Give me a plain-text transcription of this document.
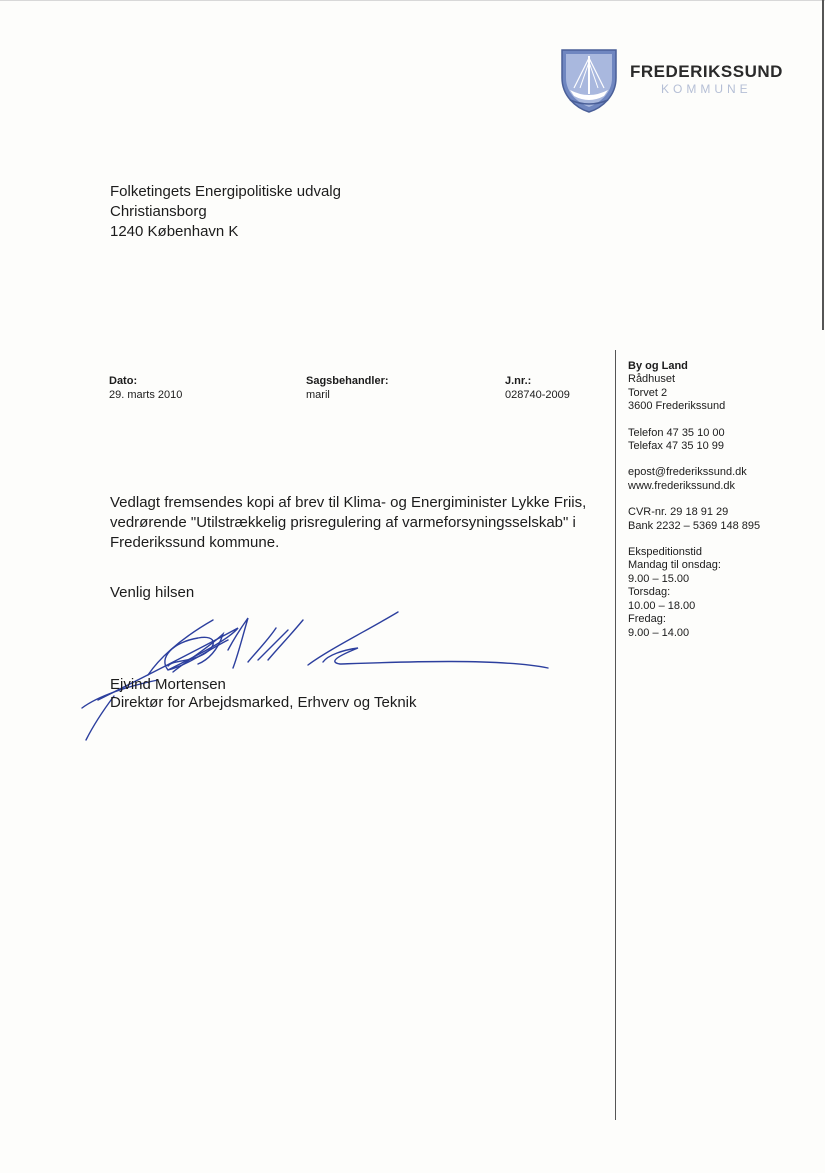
FREDERIKSSUND
KOMMUNE
Folketingets Energipolitiske udvalg
Christiansborg
1240 København K
Dato:
29. marts 2010
Sagsbehandler:
maril
J.nr.:
028740-2009
By og Land
Rådhuset
Torvet 2
3600 Frederikssund
Telefon 47 35 10 00
Telefax 47 35 10 99
epost@frederikssund.dk
www.frederikssund.dk
CVR-nr. 29 18 91 29
Bank 2232 – 5369 148 895
Ekspeditionstid
Mandag til onsdag:
9.00 – 15.00
Torsdag:
10.00 – 18.00
Fredag:
9.00 – 14.00
Vedlagt fremsendes kopi af brev til Klima- og Energiminister Lykke Friis,
vedrørende "Utilstrækkelig prisregulering af varmeforsyningsselskab" i
Frederikssund kommune.
Venlig hilsen
Ejvind Mortensen
Direktør for Arbejdsmarked, Erhverv og Teknik
